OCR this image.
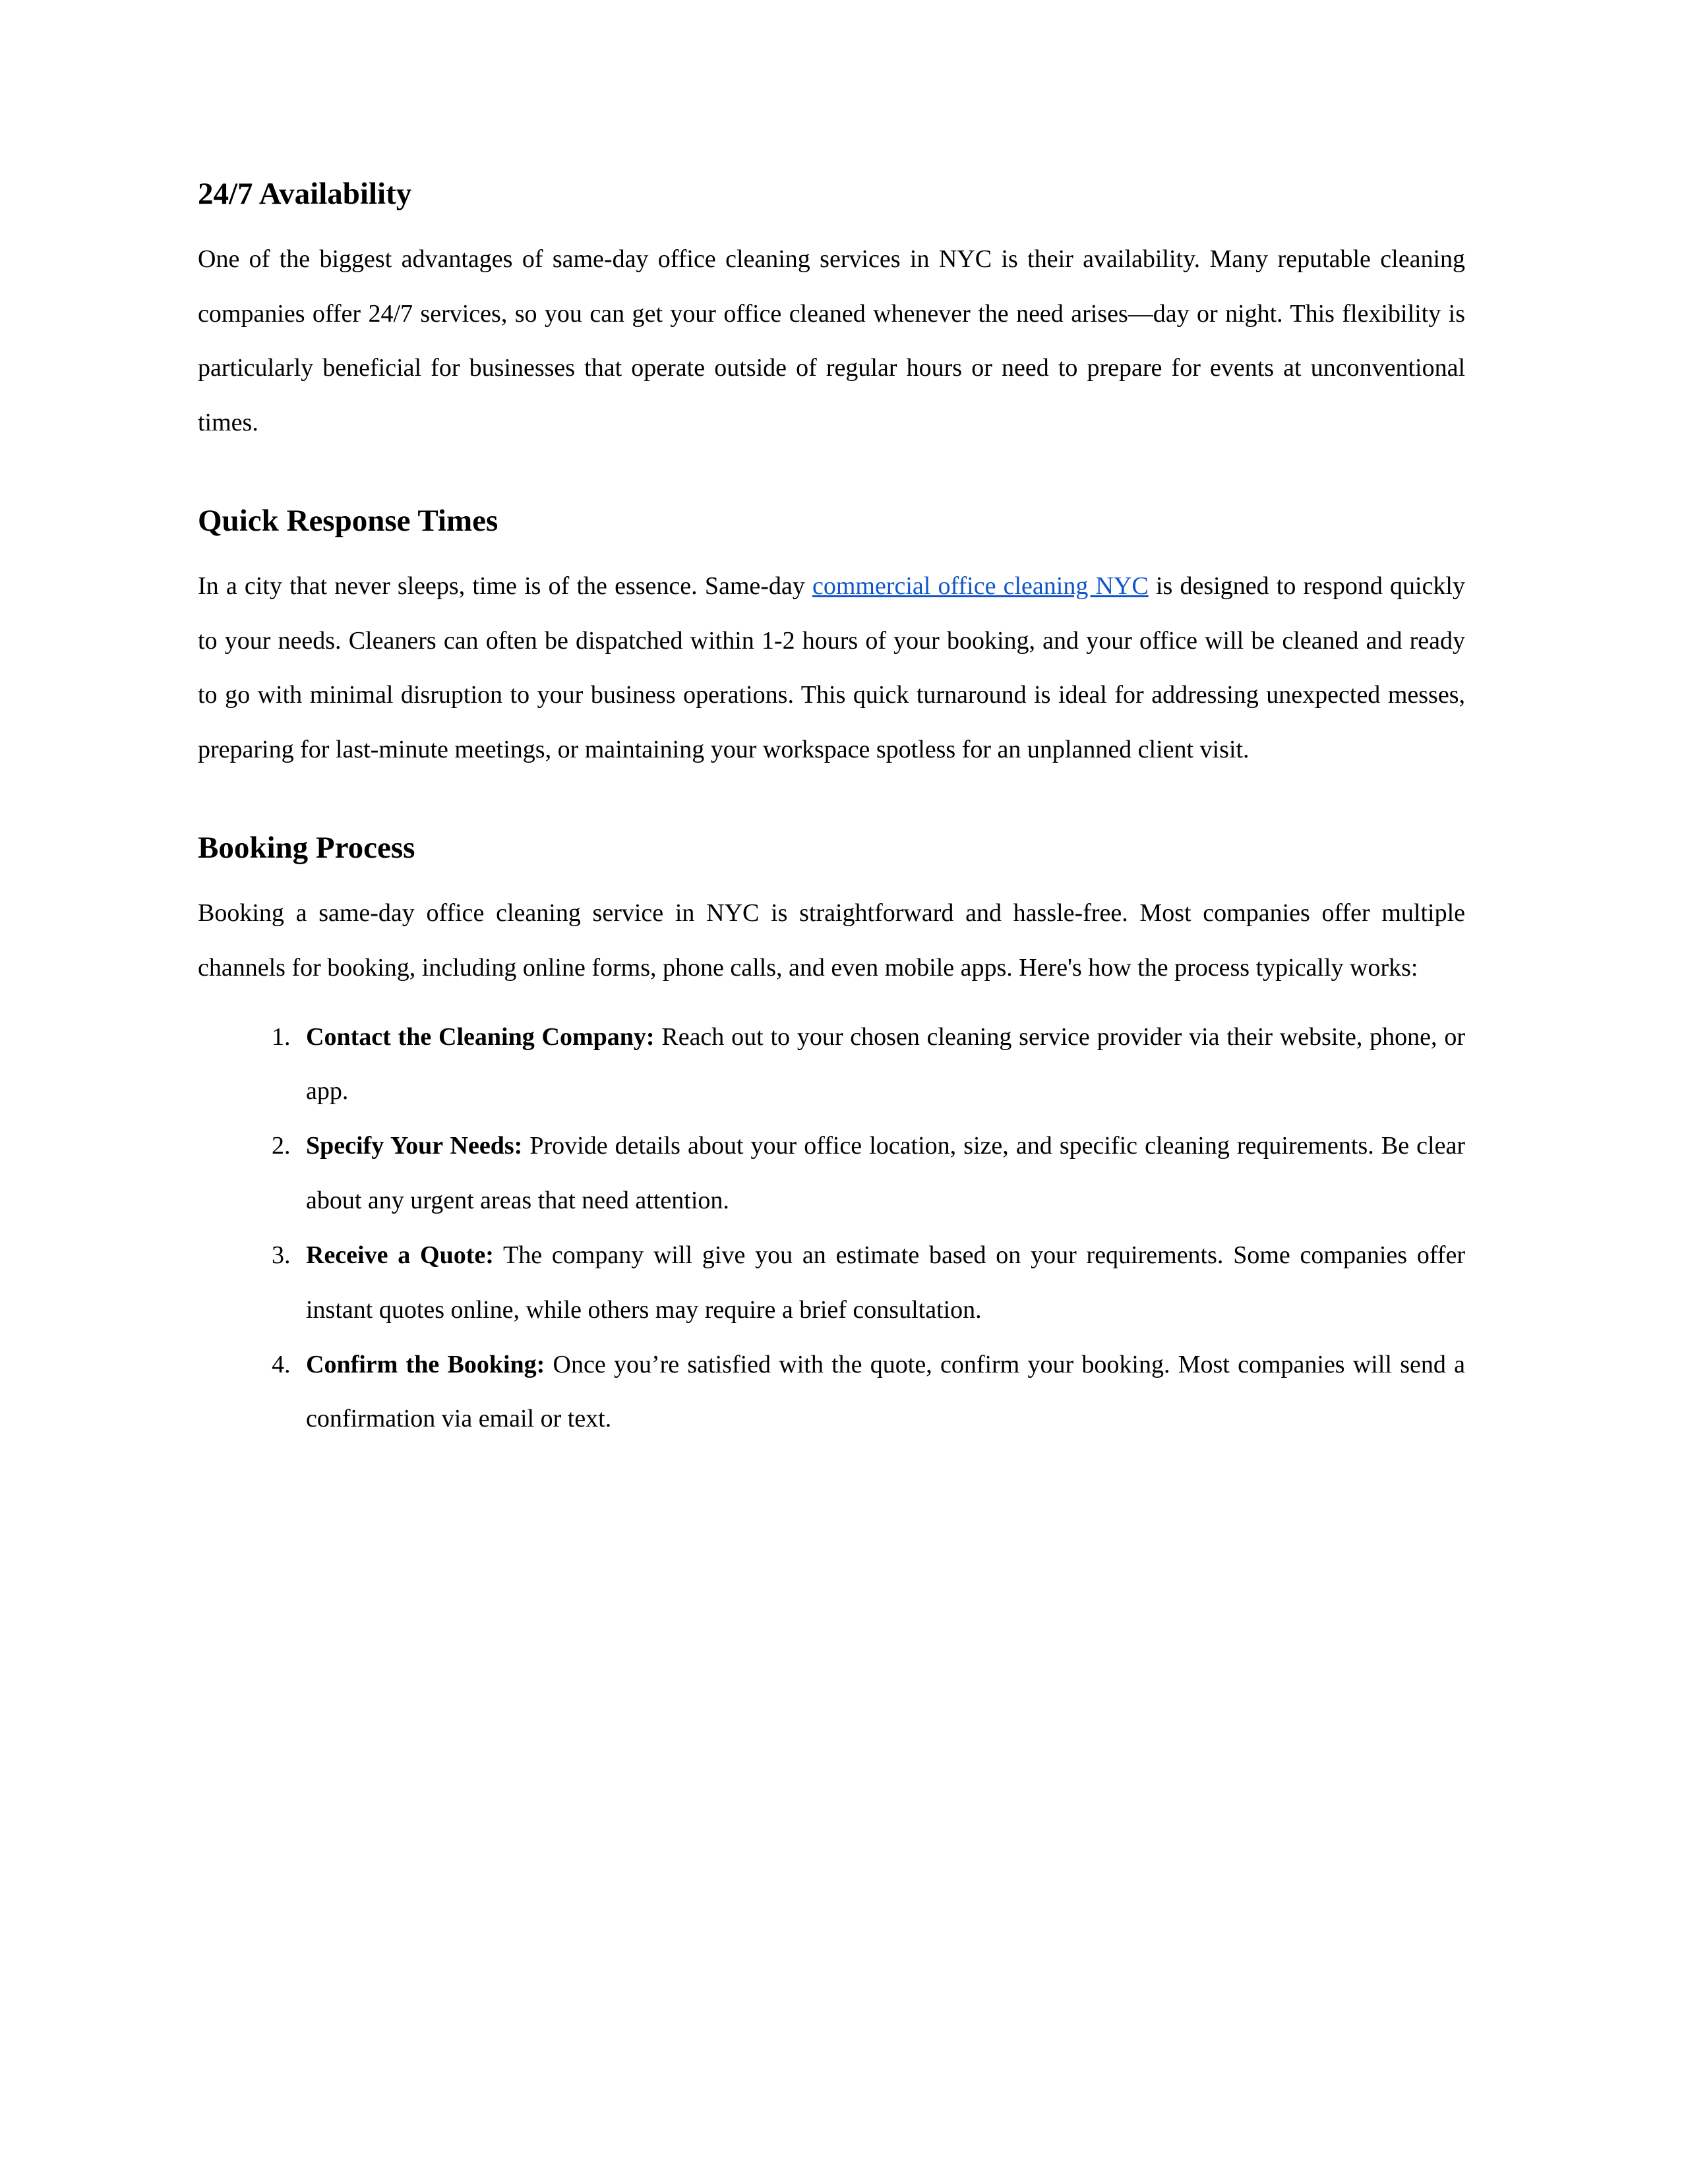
24/7 Availability

One of the biggest advantages of same-day office cleaning services in NYC is their availability. Many reputable cleaning companies offer 24/7 services, so you can get your office cleaned whenever the need arises—day or night. This flexibility is particularly beneficial for businesses that operate outside of regular hours or need to prepare for events at unconventional times.

Quick Response Times

In a city that never sleeps, time is of the essence. Same-day commercial office cleaning NYC is designed to respond quickly to your needs. Cleaners can often be dispatched within 1-2 hours of your booking, and your office will be cleaned and ready to go with minimal disruption to your business operations. This quick turnaround is ideal for addressing unexpected messes, preparing for last-minute meetings, or maintaining your workspace spotless for an unplanned client visit.

Booking Process

Booking a same-day office cleaning service in NYC is straightforward and hassle-free. Most companies offer multiple channels for booking, including online forms, phone calls, and even mobile apps. Here's how the process typically works:

1. Contact the Cleaning Company: Reach out to your chosen cleaning service provider via their website, phone, or app.
2. Specify Your Needs: Provide details about your office location, size, and specific cleaning requirements. Be clear about any urgent areas that need attention.
3. Receive a Quote: The company will give you an estimate based on your requirements. Some companies offer instant quotes online, while others may require a brief consultation.
4. Confirm the Booking: Once you’re satisfied with the quote, confirm your booking. Most companies will send a confirmation via email or text.
